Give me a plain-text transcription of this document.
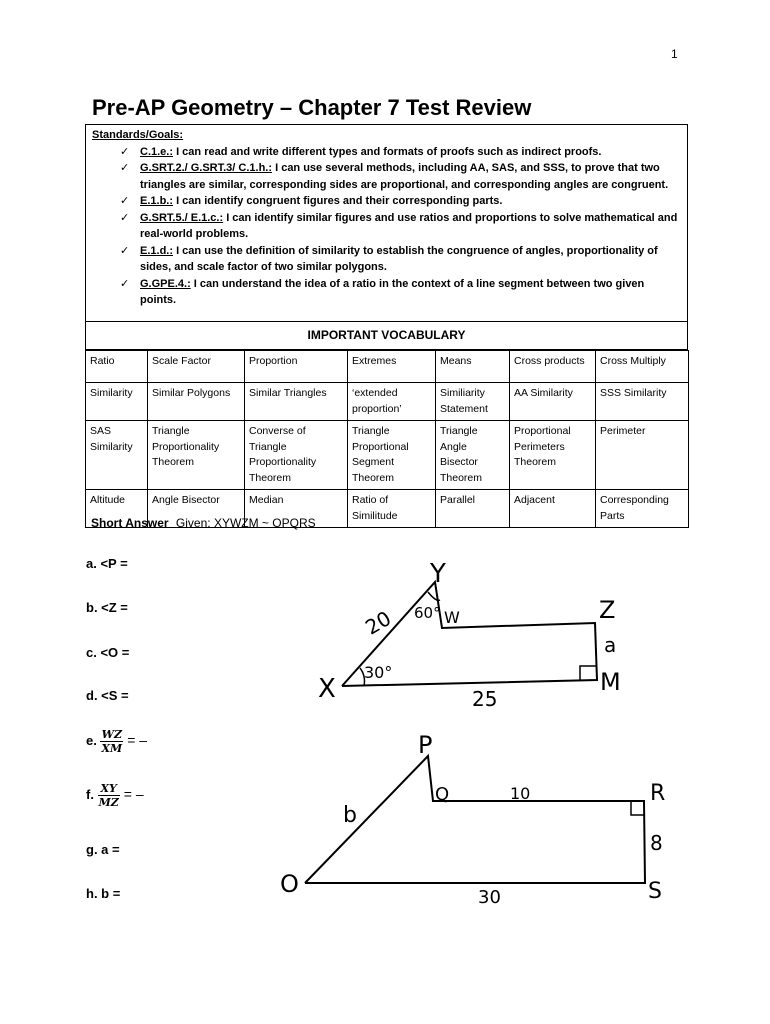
1
Pre-AP Geometry – Chapter 7 Test Review
Standards/Goals:
✓ C.1.e.: I can read and write different types and formats of proofs such as indirect proofs.
✓ G.SRT.2./ G.SRT.3/ C.1.h.: I can use several methods, including AA, SAS, and SSS, to prove that two triangles are similar, corresponding sides are proportional, and corresponding angles are congruent.
✓ E.1.b.: I can identify congruent figures and their corresponding parts.
✓ G.SRT.5./ E.1.c.: I can identify similar figures and use ratios and proportions to solve mathematical and real-world problems.
✓ E.1.d.: I can use the definition of similarity to establish the congruence of angles, proportionality of sides, and scale factor of two similar polygons.
✓ G.GPE.4.: I can understand the idea of a ratio in the context of a line segment between two given points.
IMPORTANT VOCABULARY
Ratio	Scale Factor	Proportion	Extremes	Means	Cross products	Cross Multiply
Similarity	Similar Polygons	Similar Triangles	‘extended proportion’	Similiarity Statement	AA Similarity	SSS Similarity
SAS Similarity	Triangle Proportionality Theorem	Converse of Triangle Proportionality Theorem	Triangle Proportional Segment Theorem	Triangle Angle Bisector Theorem	Proportional Perimeters Theorem	Perimeter
Altitude	Angle Bisector	Median	Ratio of Similitude	Parallel	Adjacent	Corresponding Parts
Short Answer Given: XYWZM ~ OPQRS
a. <P =
b. <Z =
c. <O =
d. <S =
e. $\frac{WZ}{XM}$ = –
f. $\frac{XY}{MZ}$ = –
g. a =
h. b =
Y
X
W	Z
M
20
25
a
60°
30°
P
Q	R
S
O
b
10
8
30
